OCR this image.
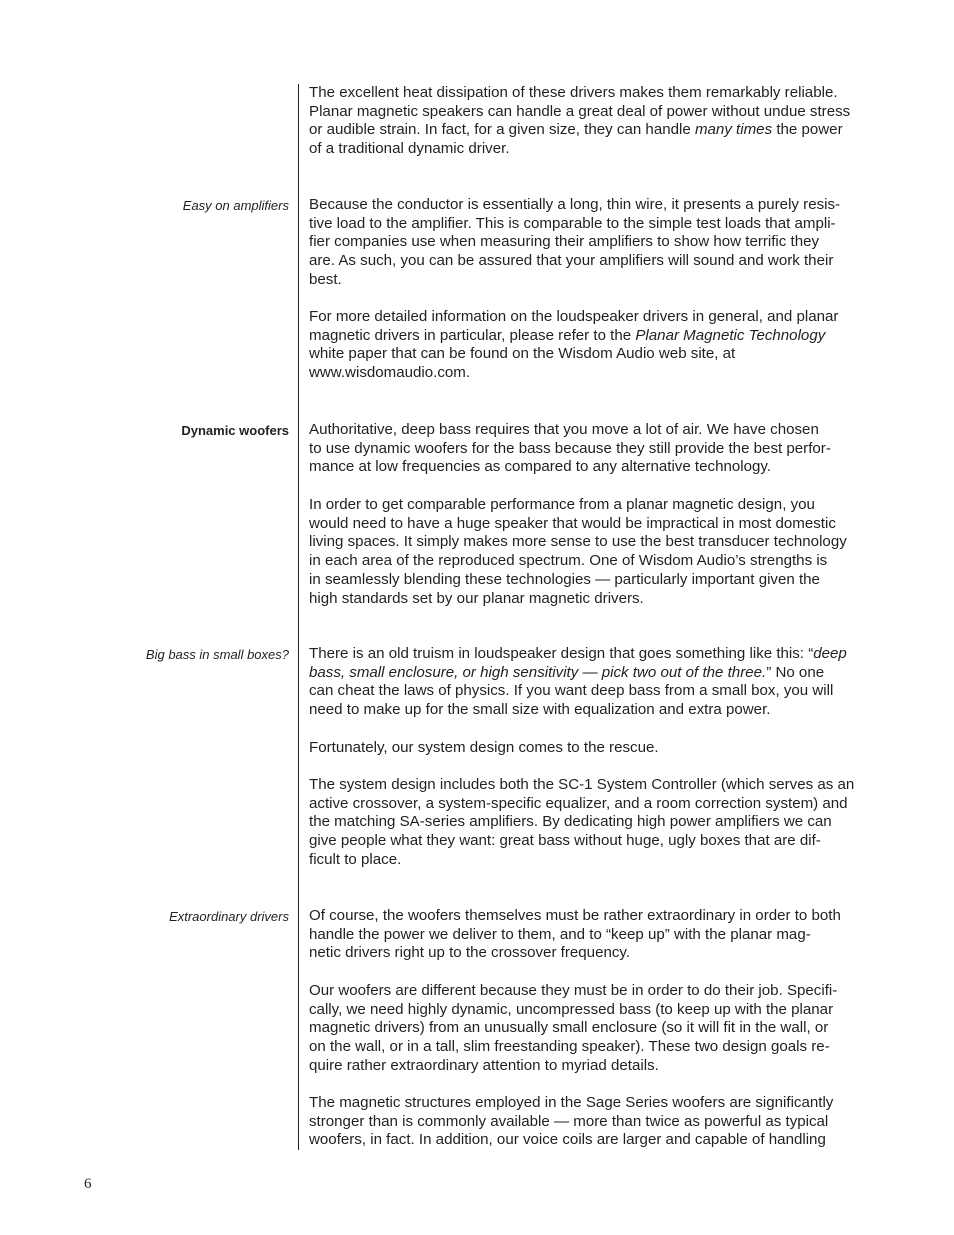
Easy on amplifiers
Dynamic woofers
Big bass in small boxes?
Extraordinary drivers

The excellent heat dissipation of these drivers makes them remarkably reliable.
Planar magnetic speakers can handle a great deal of power without undue stress
or audible strain. In fact, for a given size, they can handle many times the power
of a traditional dynamic driver.

Because the conductor is essentially a long, thin wire, it presents a purely resis-
tive load to the amplifier. This is comparable to the simple test loads that ampli-
fier companies use when measuring their amplifiers to show how terrific they
are. As such, you can be assured that your amplifiers will sound and work their
best.

For more detailed information on the loudspeaker drivers in general, and planar
magnetic drivers in particular, please refer to the Planar Magnetic Technology
white paper that can be found on the Wisdom Audio web site, at
www.wisdomaudio.com.

Authoritative, deep bass requires that you move a lot of air. We have chosen
to use dynamic woofers for the bass because they still provide the best perfor-
mance at low frequencies as compared to any alternative technology.

In order to get comparable performance from a planar magnetic design, you
would need to have a huge speaker that would be impractical in most domestic
living spaces. It simply makes more sense to use the best transducer technology
in each area of the reproduced spectrum. One of Wisdom Audio’s strengths is
in seamlessly blending these technologies — particularly important given the
high standards set by our planar magnetic drivers.

There is an old truism in loudspeaker design that goes something like this: “deep
bass, small enclosure, or high sensitivity — pick two out of the three.” No one
can cheat the laws of physics. If you want deep bass from a small box, you will
need to make up for the small size with equalization and extra power.

Fortunately, our system design comes to the rescue.

The system design includes both the SC-1 System Controller (which serves as an
active crossover, a system-specific equalizer, and a room correction system) and
the matching SA-series amplifiers. By dedicating high power amplifiers we can
give people what they want: great bass without huge, ugly boxes that are dif-
ficult to place.

Of course, the woofers themselves must be rather extraordinary in order to both
handle the power we deliver to them, and to “keep up” with the planar mag-
netic drivers right up to the crossover frequency.

Our woofers are different because they must be in order to do their job. Specifi-
cally, we need highly dynamic, uncompressed bass (to keep up with the planar
magnetic drivers) from an unusually small enclosure (so it will fit in the wall, or
on the wall, or in a tall, slim freestanding speaker). These two design goals re-
quire rather extraordinary attention to myriad details.

The magnetic structures employed in the Sage Series woofers are significantly
stronger than is commonly available — more than twice as powerful as typical
woofers, in fact. In addition, our voice coils are larger and capable of handling

6
